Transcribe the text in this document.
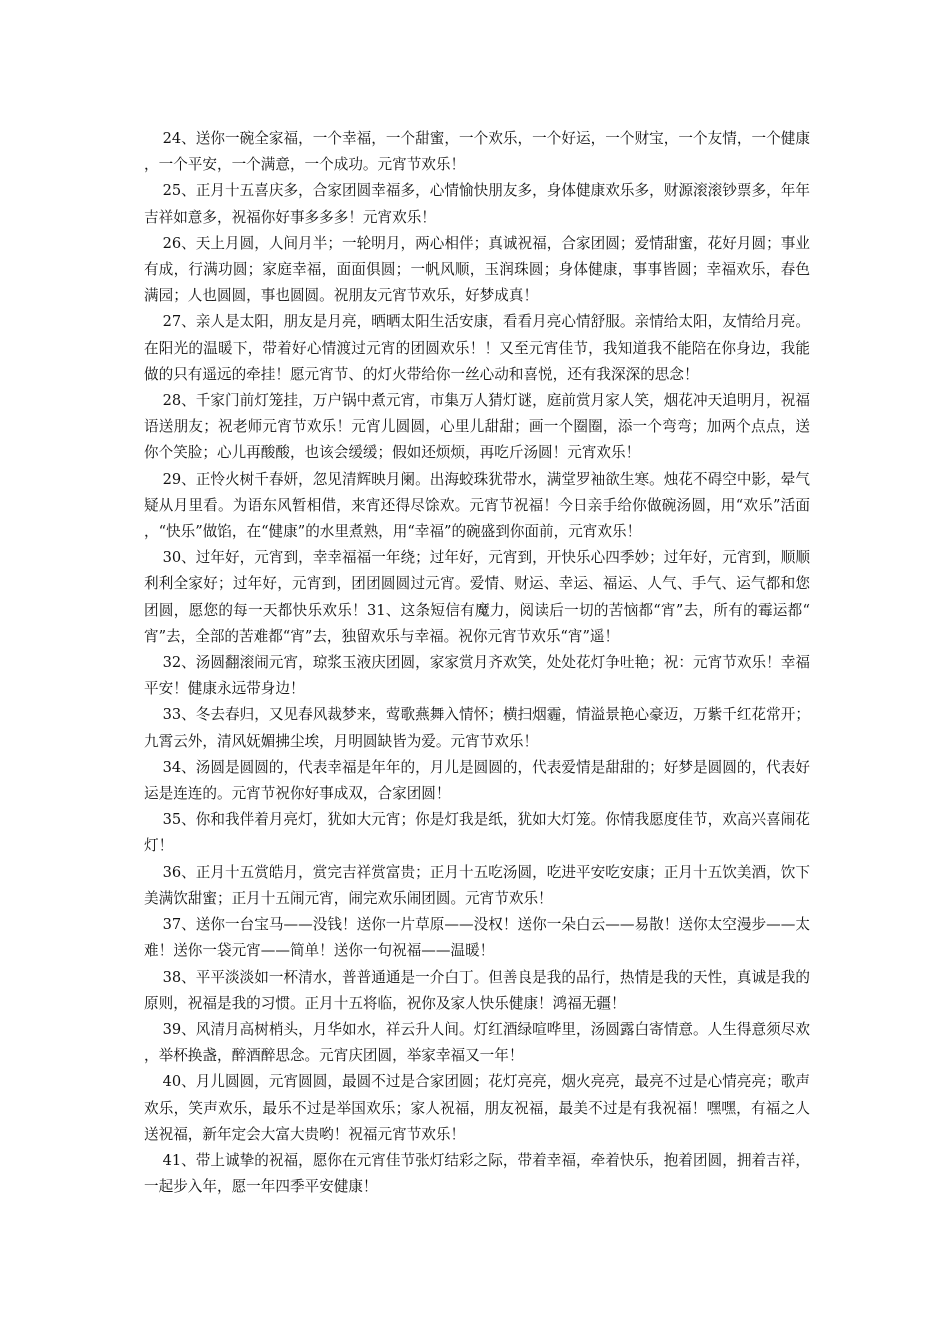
24、送你一碗全家福，一个幸福，一个甜蜜，一个欢乐，一个好运，一个财宝，一个友情，一个健康，一个平安，一个满意，一个成功。元宵节欢乐！

25、正月十五喜庆多，合家团圆幸福多，心情愉快朋友多，身体健康欢乐多，财源滚滚钞票多，年年吉祥如意多，祝福你好事多多多！元宵欢乐！

26、天上月圆，人间月半；一轮明月，两心相伴；真诚祝福，合家团圆；爱情甜蜜，花好月圆；事业有成，行满功圆；家庭幸福，面面俱圆；一帆风顺，玉润珠圆；身体健康，事事皆圆；幸福欢乐，春色满园；人也圆圆，事也圆圆。祝朋友元宵节欢乐，好梦成真！

27、亲人是太阳，朋友是月亮，晒晒太阳生活安康，看看月亮心情舒服。亲情给太阳，友情给月亮。在阳光的温暖下，带着好心情渡过元宵的团圆欢乐！！又至元宵佳节，我知道我不能陪在你身边，我能做的只有遥远的牵挂！愿元宵节、的灯火带给你一丝心动和喜悦，还有我深深的思念！

28、千家门前灯笼挂，万户锅中煮元宵，市集万人猜灯谜，庭前赏月家人笑，烟花冲天追明月，祝福语送朋友；祝老师元宵节欢乐！元宵儿圆圆，心里儿甜甜；画一个圈圈，添一个弯弯；加两个点点，送你个笑脸；心儿再酸酸，也该会缓缓；假如还烦烦，再吃斤汤圆！元宵欢乐！

29、正怜火树千春妍，忽见清辉映月阑。出海蛟珠犹带水，满堂罗袖欲生寒。烛花不碍空中影，晕气疑从月里看。为语东风暂相借，来宵还得尽馀欢。元宵节祝福！今日亲手给你做碗汤圆，用“欢乐”活面，“快乐”做馅，在“健康”的水里煮熟，用“幸福”的碗盛到你面前，元宵欢乐！

30、过年好，元宵到，幸幸福福一年绕；过年好，元宵到，开快乐心四季妙；过年好，元宵到，顺顺利利全家好；过年好，元宵到，团团圆圆过元宵。爱情、财运、幸运、福运、人气、手气、运气都和您团圆，愿您的每一天都快乐欢乐！31、这条短信有魔力，阅读后一切的苦恼都“宵”去，所有的霉运都“宵”去，全部的苦难都“宵”去，独留欢乐与幸福。祝你元宵节欢乐“宵”遥！

32、汤圆翻滚闹元宵，琼浆玉液庆团圆，家家赏月齐欢笑，处处花灯争吐艳；祝：元宵节欢乐！幸福平安！健康永远带身边！

33、冬去春归，又见春风裁梦来，莺歌燕舞入情怀；横扫烟霾，情溢景艳心豪迈，万紫千红花常开；九霄云外，清风妩媚拂尘埃，月明圆缺皆为爱。元宵节欢乐！

34、汤圆是圆圆的，代表幸福是年年的，月儿是圆圆的，代表爱情是甜甜的；好梦是圆圆的，代表好运是连连的。元宵节祝你好事成双，合家团圆！

35、你和我伴着月亮灯，犹如大元宵；你是灯我是纸，犹如大灯笼。你情我愿度佳节，欢高兴喜闹花灯！

36、正月十五赏皓月，赏完吉祥赏富贵；正月十五吃汤圆，吃进平安吃安康；正月十五饮美酒，饮下美满饮甜蜜；正月十五闹元宵，闹完欢乐闹团圆。元宵节欢乐！

37、送你一台宝马——没钱！送你一片草原——没权！送你一朵白云——易散！送你太空漫步——太难！送你一袋元宵——简单！送你一句祝福——温暖！

38、平平淡淡如一杯清水，普普通通是一介白丁。但善良是我的品行，热情是我的天性，真诚是我的原则，祝福是我的习惯。正月十五将临，祝你及家人快乐健康！鸿福无疆！

39、风清月高树梢头，月华如水，祥云升人间。灯红酒绿喧哗里，汤圆露白寄情意。人生得意须尽欢，举杯换盏，醉酒醉思念。元宵庆团圆，举家幸福又一年！

40、月儿圆圆，元宵圆圆，最圆不过是合家团圆；花灯亮亮，烟火亮亮，最亮不过是心情亮亮；歌声欢乐，笑声欢乐，最乐不过是举国欢乐；家人祝福，朋友祝福，最美不过是有我祝福！嘿嘿，有福之人送祝福，新年定会大富大贵哟！祝福元宵节欢乐！

41、带上诚挚的祝福，愿你在元宵佳节张灯结彩之际，带着幸福，牵着快乐，抱着团圆，拥着吉祥，一起步入年，愿一年四季平安健康！
